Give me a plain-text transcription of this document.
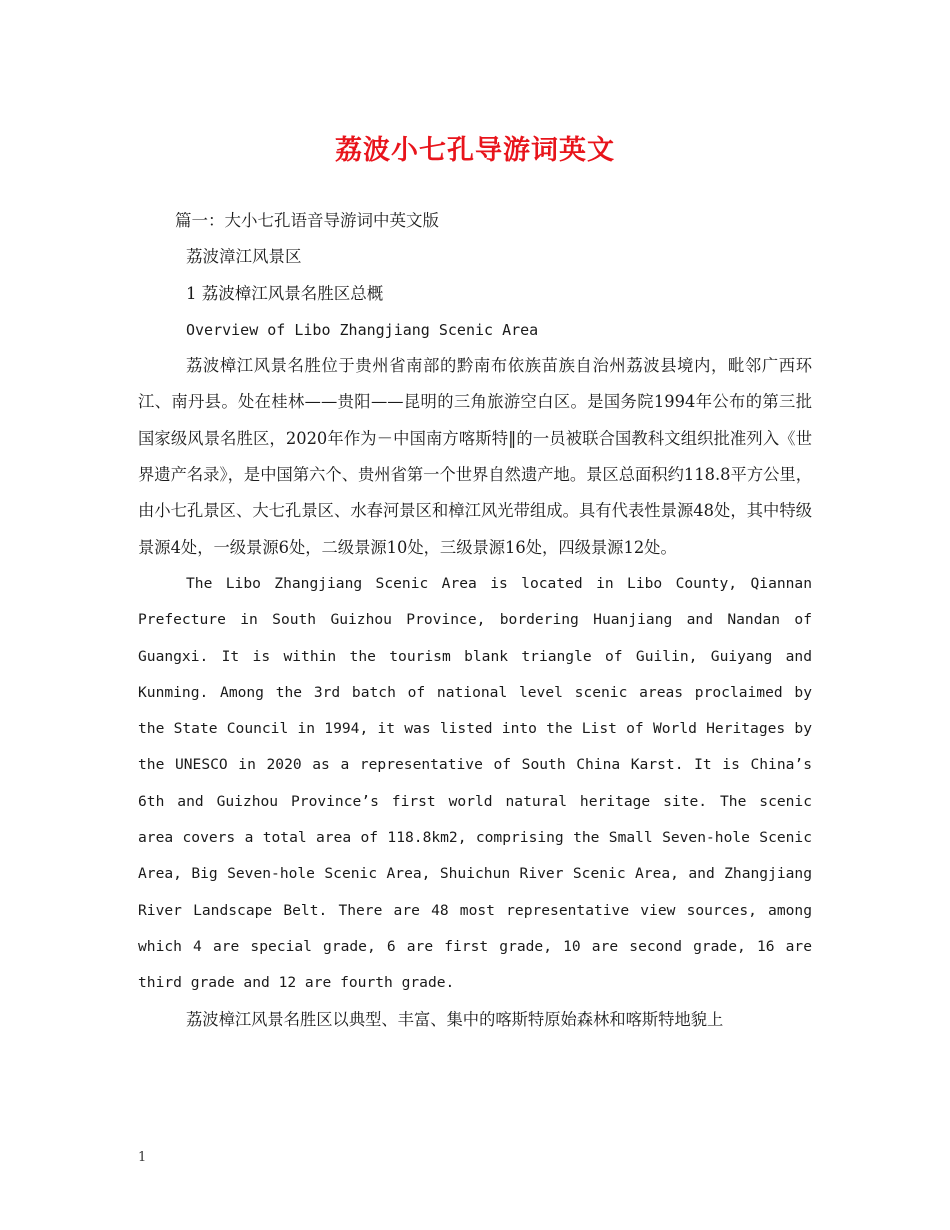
荔波小七孔导游词英文

篇一：大小七孔语音导游词中英文版

荔波漳江风景区

1 荔波樟江风景名胜区总概

Overview of Libo Zhangjiang Scenic Area

荔波樟江风景名胜位于贵州省南部的黔南布依族苗族自治州荔波县境内，毗邻广西环江、南丹县。处在桂林——贵阳——昆明的三角旅游空白区。是国务院1994年公布的第三批国家级风景名胜区，2020年作为－中国南方喀斯特‖的一员被联合国教科文组织批准列入《世界遗产名录》，是中国第六个、贵州省第一个世界自然遗产地。景区总面积约118.8平方公里，由小七孔景区、大七孔景区、水春河景区和樟江风光带组成。具有代表性景源48处，其中特级景源4处，一级景源6处，二级景源10处，三级景源16处，四级景源12处。

The Libo Zhangjiang Scenic Area is located in Libo County, Qiannan Prefecture in South Guizhou Province, bordering Huanjiang and Nandan of Guangxi. It is within the tourism blank triangle of Guilin, Guiyang and Kunming. Among the 3rd batch of national level scenic areas proclaimed by the State Council in 1994, it was listed into the List of World Heritages by the UNESCO in 2020 as a representative of South China Karst. It is China’s 6th and Guizhou Province’s first world natural heritage site. The scenic area covers a total area of 118.8km2, comprising the Small Seven-hole Scenic Area, Big Seven-hole Scenic Area, Shuichun River Scenic Area, and Zhangjiang River Landscape Belt. There are 48 most representative view sources, among which 4 are special grade, 6 are first grade, 10 are second grade, 16 are third grade and 12 are fourth grade.

荔波樟江风景名胜区以典型、丰富、集中的喀斯特原始森林和喀斯特地貌上

1
